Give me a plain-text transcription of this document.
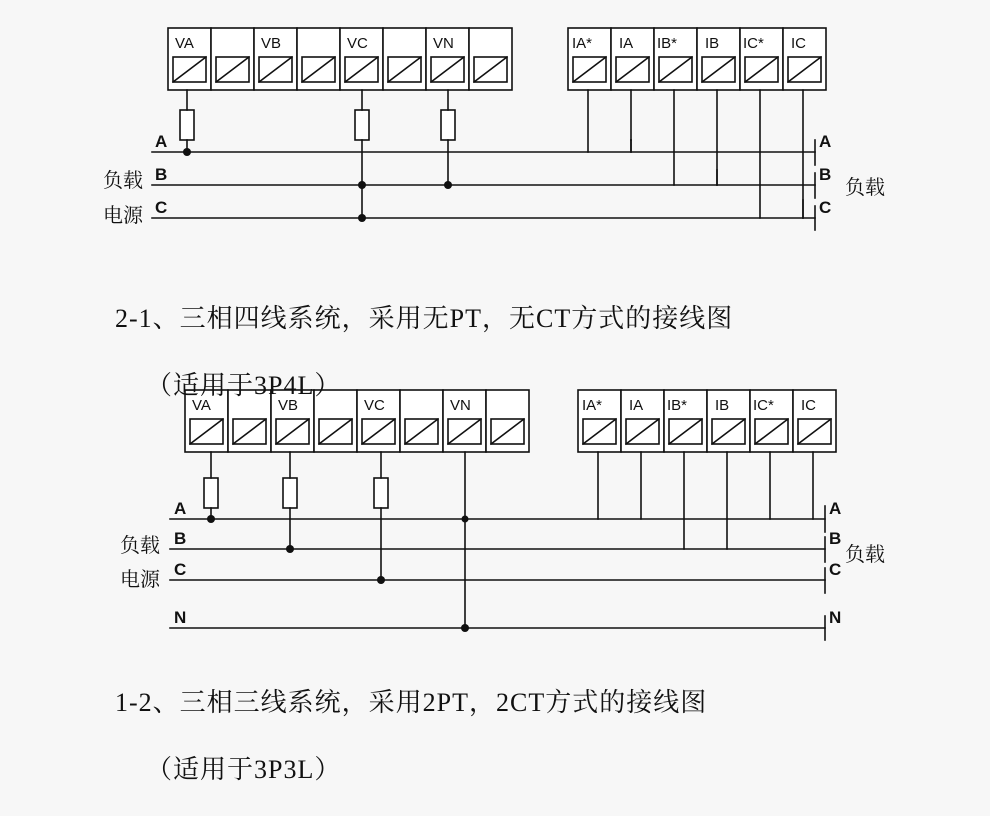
VA	VB	VC	VN	IA* IA IB* IB IC* IC
VA	VB	VC	VN	IA* IA IB* IB IC* IC
A
B
C
A
B
C
A
B
C
N
A
B
C
N
负载
电源
负载
负载
电源
负载

2-1、三相四线系统，采用无PT，无CT方式的接线图

（适用于3P4L）

1-2、三相三线系统，采用2PT，2CT方式的接线图

（适用于3P3L）
